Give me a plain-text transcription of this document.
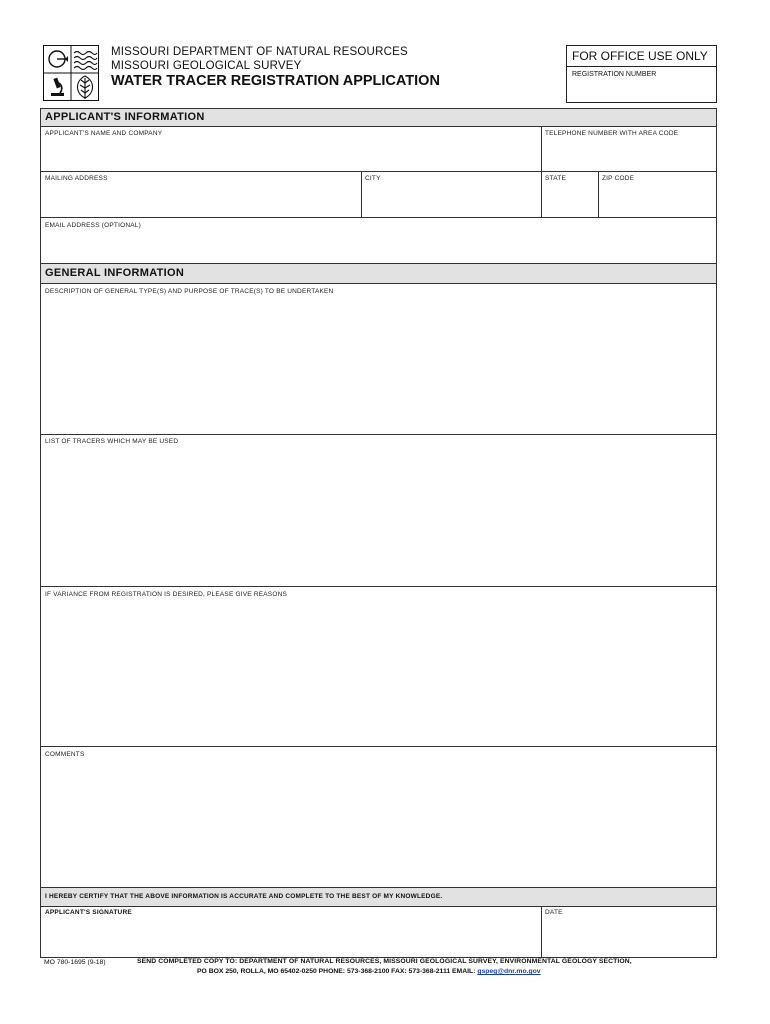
MISSOURI DEPARTMENT OF NATURAL RESOURCES
MISSOURI GEOLOGICAL SURVEY
WATER TRACER REGISTRATION APPLICATION
FOR OFFICE USE ONLY
REGISTRATION NUMBER
APPLICANT'S INFORMATION
APPLICANT'S NAME AND COMPANY	TELEPHONE NUMBER WITH AREA CODE
MAILING ADDRESS	CITY	STATE	ZIP CODE
EMAIL ADDRESS (OPTIONAL)
GENERAL INFORMATION
DESCRIPTION OF GENERAL TYPE(S) AND PURPOSE OF TRACE(S) TO BE UNDERTAKEN
LIST OF TRACERS WHICH MAY BE USED
IF VARIANCE FROM REGISTRATION IS DESIRED, PLEASE GIVE REASONS
COMMENTS
I HEREBY CERTIFY THAT THE ABOVE INFORMATION IS ACCURATE AND COMPLETE TO THE BEST OF MY KNOWLEDGE.
APPLICANT'S SIGNATURE	DATE
MO 780-1695 (9-18)	SEND COMPLETED COPY TO: DEPARTMENT OF NATURAL RESOURCES, MISSOURI GEOLOGICAL SURVEY, ENVIRONMENTAL GEOLOGY SECTION,
PO BOX 250, ROLLA, MO 65402-0250 PHONE: 573-368-2100 FAX: 573-368-2111 EMAIL: gspeg@dnr.mo.gov
